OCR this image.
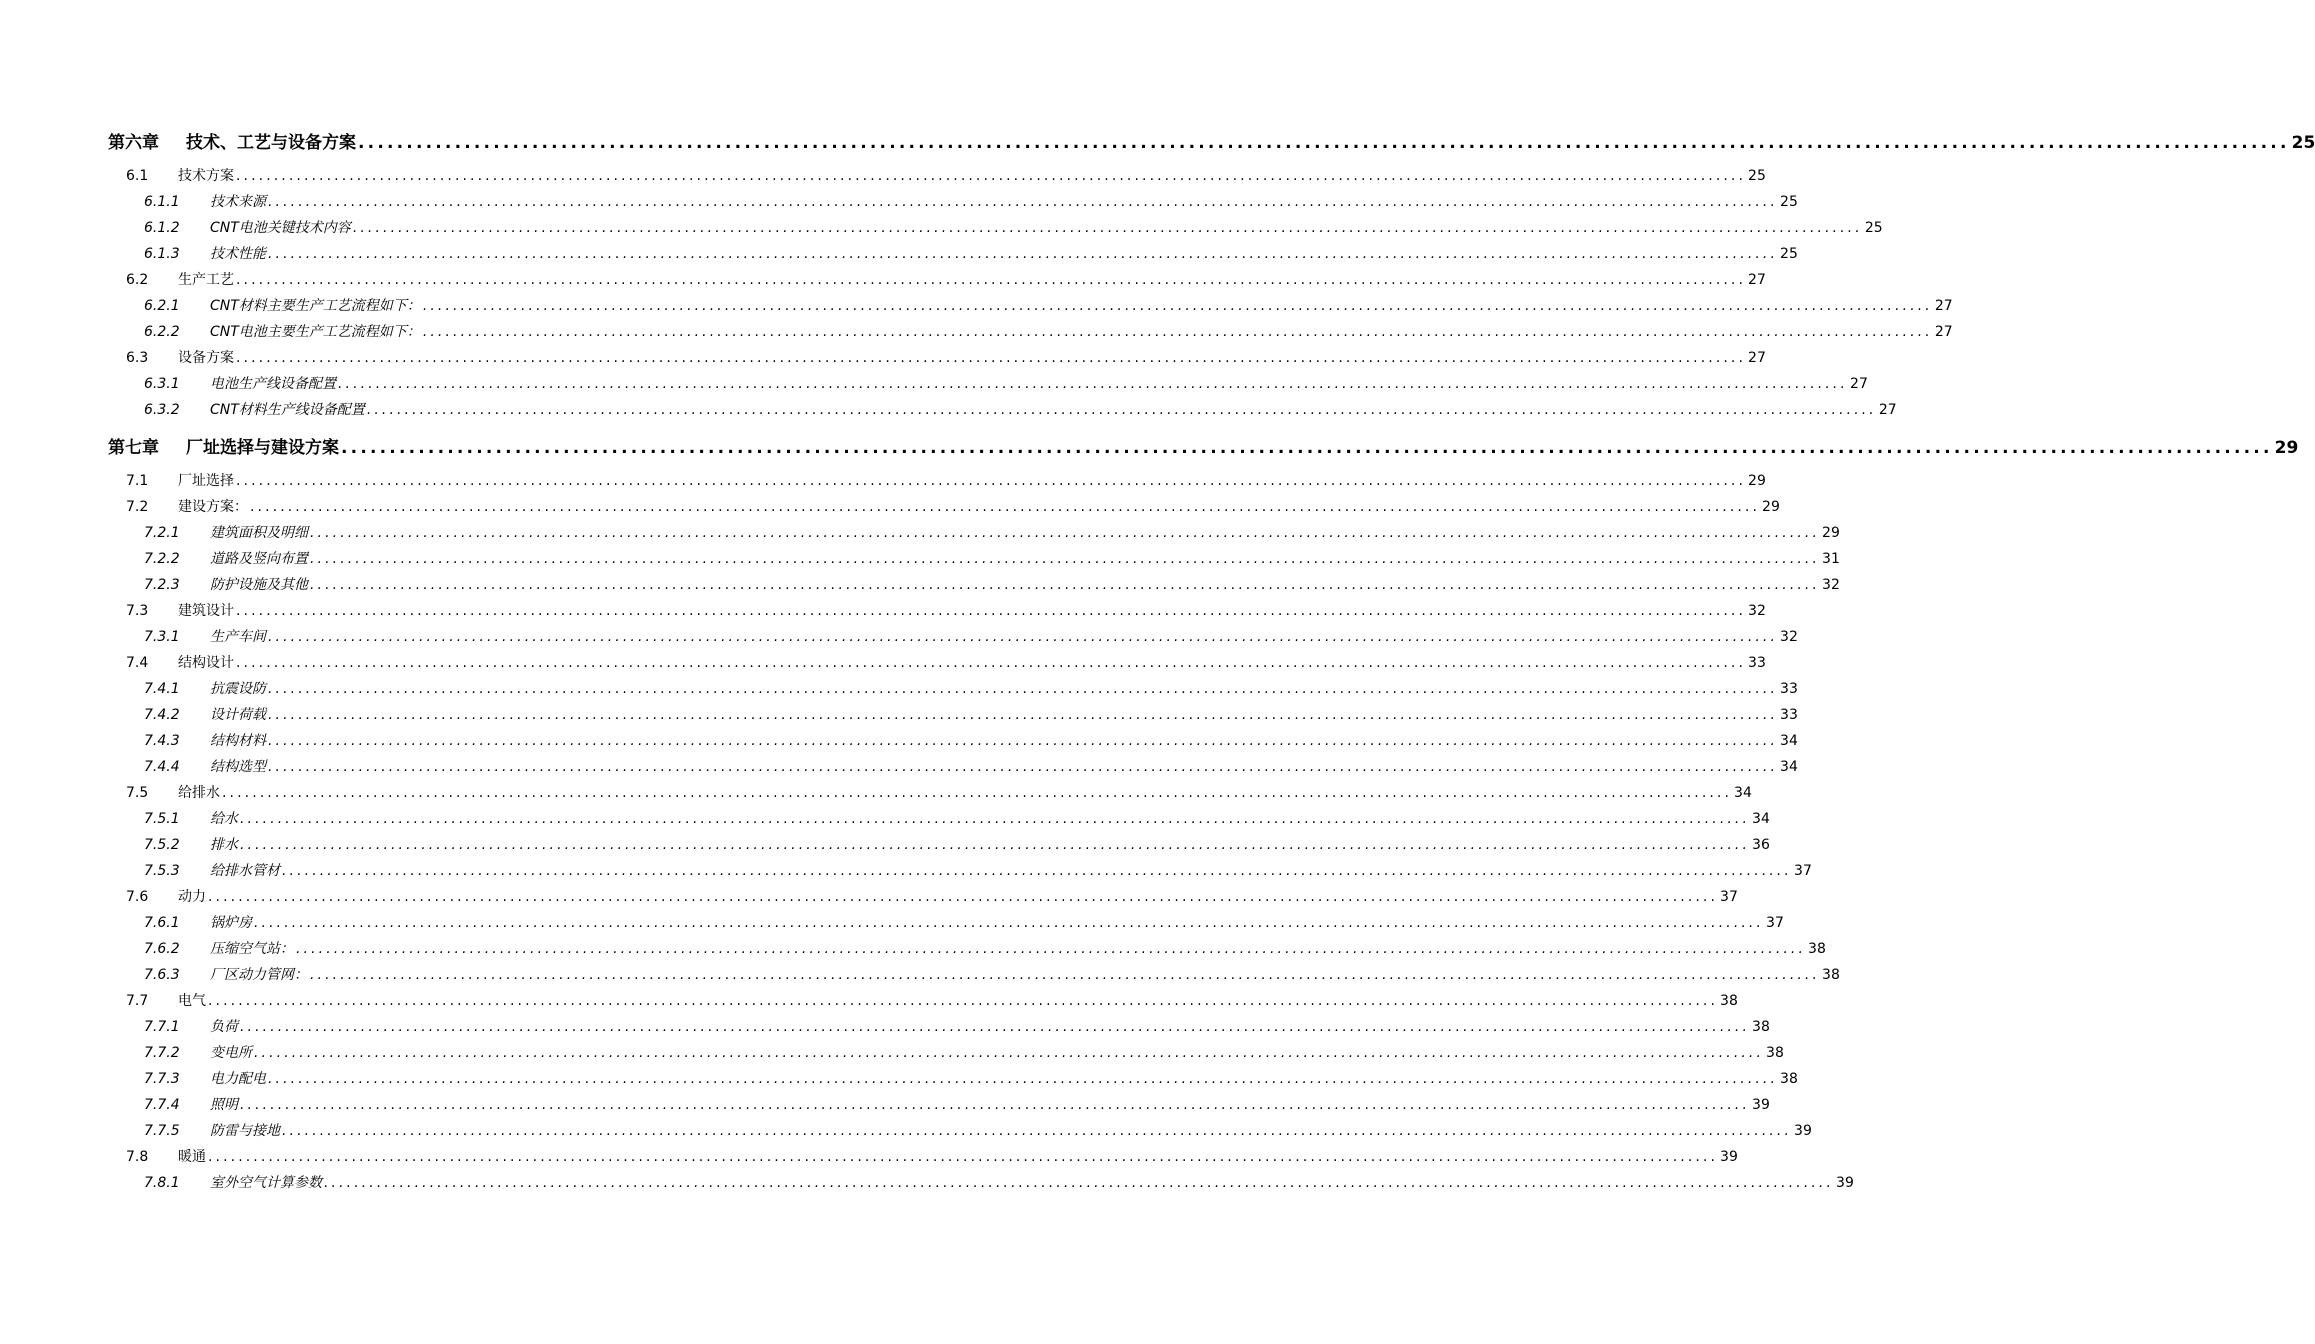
第六章	技术、工艺与设备方案 ........................................................................................................................................................................................................ 25
6.1	技术方案 ........................................................................................................................................................................................................ 25
6.1.1	技术来源 ........................................................................................................................................................................................................ 25
6.1.2	CNT电池关键技术内容 ........................................................................................................................................................................................................ 25
6.1.3	技术性能 ........................................................................................................................................................................................................ 25
6.2	生产工艺 ........................................................................................................................................................................................................ 27
6.2.1	CNT材料主要生产工艺流程如下： ........................................................................................................................................................................................................ 27
6.2.2	CNT电池主要生产工艺流程如下： ........................................................................................................................................................................................................ 27
6.3	设备方案 ........................................................................................................................................................................................................ 27
6.3.1	电池生产线设备配置 ........................................................................................................................................................................................................ 27
6.3.2	CNT材料生产线设备配置 ........................................................................................................................................................................................................ 27
第七章	厂址选择与建设方案 ........................................................................................................................................................................................................ 29
7.1	厂址选择 ........................................................................................................................................................................................................ 29
7.2	建设方案： ........................................................................................................................................................................................................ 29
7.2.1	建筑面积及明细 ........................................................................................................................................................................................................ 29
7.2.2	道路及竖向布置 ........................................................................................................................................................................................................ 31
7.2.3	防护设施及其他 ........................................................................................................................................................................................................ 32
7.3	建筑设计 ........................................................................................................................................................................................................ 32
7.3.1	生产车间 ........................................................................................................................................................................................................ 32
7.4	结构设计 ........................................................................................................................................................................................................ 33
7.4.1	抗震设防 ........................................................................................................................................................................................................ 33
7.4.2	设计荷载 ........................................................................................................................................................................................................ 33
7.4.3	结构材料 ........................................................................................................................................................................................................ 34
7.4.4	结构选型 ........................................................................................................................................................................................................ 34
7.5	给排水 ........................................................................................................................................................................................................ 34
7.5.1	给水 ........................................................................................................................................................................................................ 34
7.5.2	排水 ........................................................................................................................................................................................................ 36
7.5.3	给排水管材 ........................................................................................................................................................................................................ 37
7.6	动力 ........................................................................................................................................................................................................ 37
7.6.1	锅炉房 ........................................................................................................................................................................................................ 37
7.6.2	压缩空气站： ........................................................................................................................................................................................................ 38
7.6.3	厂区动力管网： ........................................................................................................................................................................................................ 38
7.7	电气 ........................................................................................................................................................................................................ 38
7.7.1	负荷 ........................................................................................................................................................................................................ 38
7.7.2	变电所 ........................................................................................................................................................................................................ 38
7.7.3	电力配电 ........................................................................................................................................................................................................ 38
7.7.4	照明 ........................................................................................................................................................................................................ 39
7.7.5	防雷与接地 ........................................................................................................................................................................................................ 39
7.8	暖通 ........................................................................................................................................................................................................ 39
7.8.1	室外空气计算参数 ........................................................................................................................................................................................................ 39
